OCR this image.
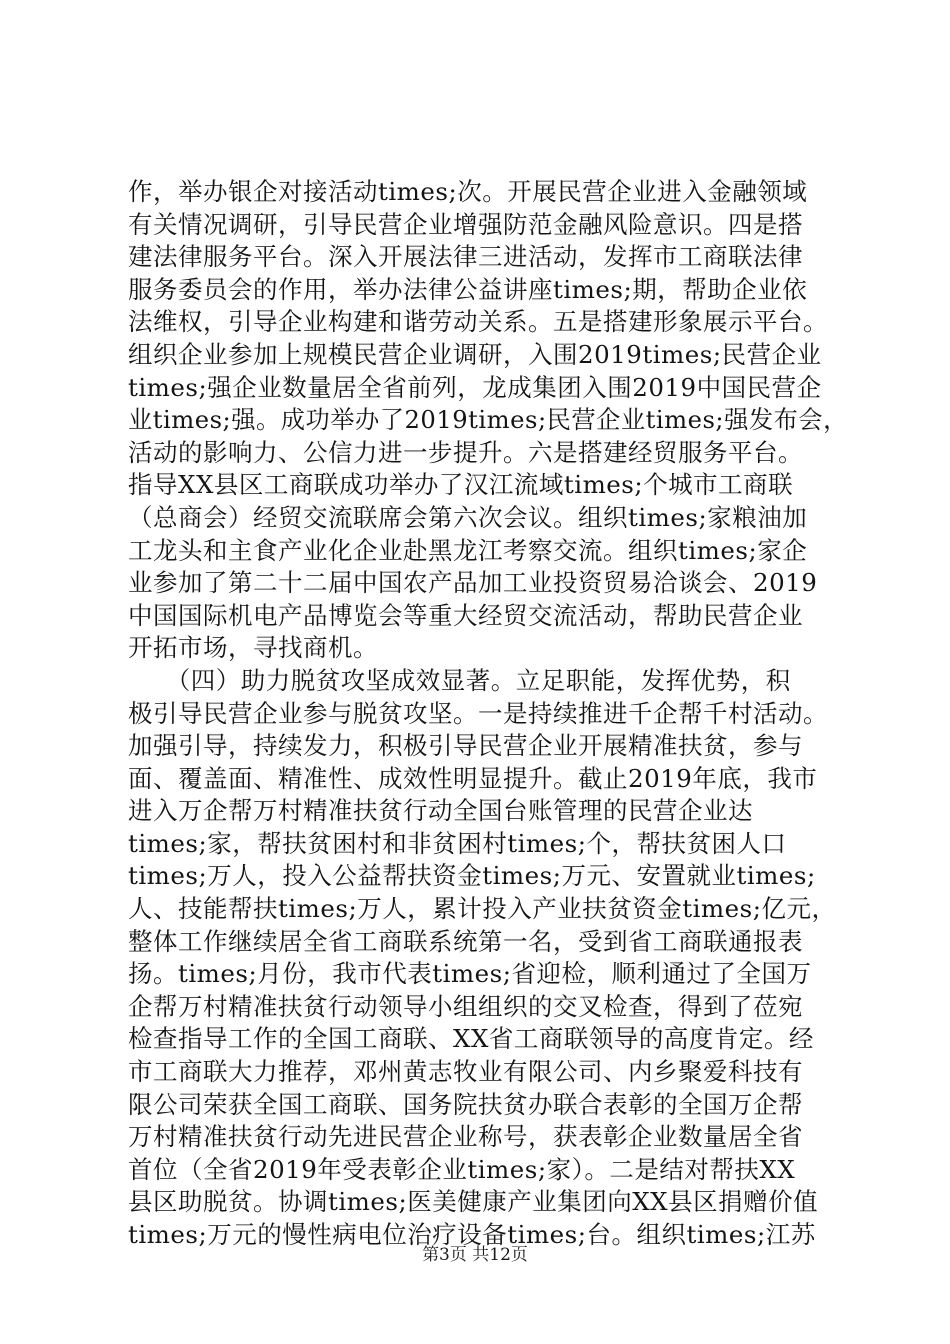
作，举办银企对接活动times;次。开展民营企业进入金融领域
有关情况调研，引导民营企业增强防范金融风险意识。四是搭
建法律服务平台。深入开展法律三进活动，发挥市工商联法律
服务委员会的作用，举办法律公益讲座times;期，帮助企业依
法维权，引导企业构建和谐劳动关系。五是搭建形象展示平台。
组织企业参加上规模民营企业调研，入围2019times;民营企业
times;强企业数量居全省前列，龙成集团入围2019中国民营企
业times;强。成功举办了2019times;民营企业times;强发布会，
活动的影响力、公信力进一步提升。六是搭建经贸服务平台。
指导XX县区工商联成功举办了汉江流域times;个城市工商联
（总商会）经贸交流联席会第六次会议。组织times;家粮油加
工龙头和主食产业化企业赴黑龙江考察交流。组织times;家企
业参加了第二十二届中国农产品加工业投资贸易洽谈会、2019
中国国际机电产品博览会等重大经贸交流活动，帮助民营企业
开拓市场，寻找商机。
　　（四）助力脱贫攻坚成效显著。立足职能，发挥优势，积
极引导民营企业参与脱贫攻坚。一是持续推进千企帮千村活动。
加强引导，持续发力，积极引导民营企业开展精准扶贫，参与
面、覆盖面、精准性、成效性明显提升。截止2019年底，我市
进入万企帮万村精准扶贫行动全国台账管理的民营企业达
times;家，帮扶贫困村和非贫困村times;个，帮扶贫困人口
times;万人，投入公益帮扶资金times;万元、安置就业times;
人、技能帮扶times;万人，累计投入产业扶贫资金times;亿元，
整体工作继续居全省工商联系统第一名，受到省工商联通报表
扬。times;月份，我市代表times;省迎检，顺利通过了全国万
企帮万村精准扶贫行动领导小组组织的交叉检查，得到了莅宛
检查指导工作的全国工商联、XX省工商联领导的高度肯定。经
市工商联大力推荐，邓州黄志牧业有限公司、内乡聚爱科技有
限公司荣获全国工商联、国务院扶贫办联合表彰的全国万企帮
万村精准扶贫行动先进民营企业称号，获表彰企业数量居全省
首位（全省2019年受表彰企业times;家）。二是结对帮扶XX
县区助脱贫。协调times;医美健康产业集团向XX县区捐赠价值
times;万元的慢性病电位治疗设备times;台。组织times;江苏
第3页 共12页
